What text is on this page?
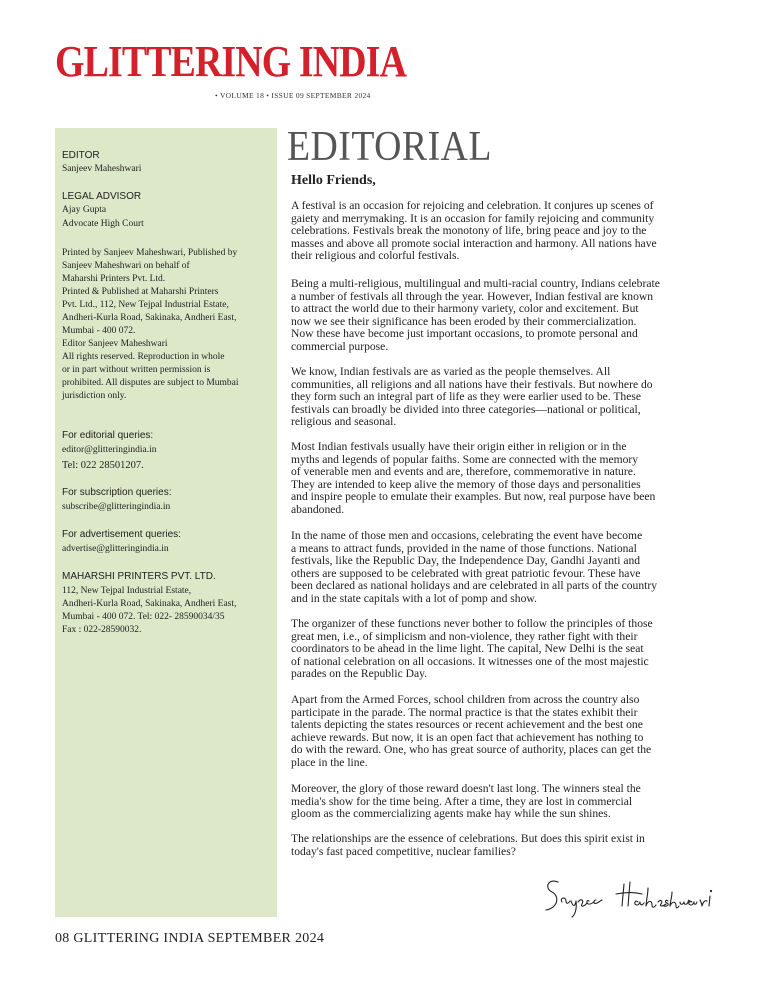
GLITTERING INDIA
• VOLUME 18 • ISSUE 09 SEPTEMBER 2024
EDITOR
Sanjeev Maheshwari
LEGAL ADVISOR
Ajay Gupta
Advocate High Court
Printed by Sanjeev Maheshwari, Published by
Sanjeev Maheshwari on behalf of
Maharshi Printers Pvt. Ltd.
Printed & Published at Maharshi Printers
Pvt. Ltd., 112, New Tejpal Industrial Estate,
Andheri-Kurla Road, Sakinaka, Andheri East,
Mumbai - 400 072.
Editor Sanjeev Maheshwari
All rights reserved. Reproduction in whole
or in part without written permission is
prohibited. All disputes are subject to Mumbai
jurisdiction only.
For editorial queries:
editor@glitteringindia.in
Tel: 022 28501207.
For subscription queries:
subscribe@glitteringindia.in
For advertisement queries:
advertise@glitteringindia.in
MAHARSHI PRINTERS PVT. LTD.
112, New Tejpal Industrial Estate,
Andheri-Kurla Road, Sakinaka, Andheri East,
Mumbai - 400 072. Tel: 022- 28590034/35
Fax : 022-28590032.
EDITORIAL
Hello Friends,
A festival is an occasion for rejoicing and celebration. It conjures up scenes of
gaiety and merrymaking. It is an occasion for family rejoicing and community
celebrations. Festivals break the monotony of life, bring peace and joy to the
masses and above all promote social interaction and harmony. All nations have
their religious and colorful festivals.
Being a multi-religious, multilingual and multi-racial country, Indians celebrate
a number of festivals all through the year. However, Indian festival are known
to attract the world due to their harmony variety, color and excitement. But
now we see their significance has been eroded by their commercialization.
Now these have become just important occasions, to promote personal and
commercial purpose.
We know, Indian festivals are as varied as the people themselves. All
communities, all religions and all nations have their festivals. But nowhere do
they form such an integral part of life as they were earlier used to be. These
festivals can broadly be divided into three categories—national or political,
religious and seasonal.
Most Indian festivals usually have their origin either in religion or in the
myths and legends of popular faiths. Some are connected with the memory
of venerable men and events and are, therefore, commemorative in nature.
They are intended to keep alive the memory of those days and personalities
and inspire people to emulate their examples. But now, real purpose have been
abandoned.
In the name of those men and occasions, celebrating the event have become
a means to attract funds, provided in the name of those functions. National
festivals, like the Republic Day, the Independence Day, Gandhi Jayanti and
others are supposed to be celebrated with great patriotic fevour. These have
been declared as national holidays and are celebrated in all parts of the country
and in the state capitals with a lot of pomp and show.
The organizer of these functions never bother to follow the principles of those
great men, i.e., of simplicism and non-violence, they rather fight with their
coordinators to be ahead in the lime light. The capital, New Delhi is the seat
of national celebration on all occasions. It witnesses one of the most majestic
parades on the Republic Day.
Apart from the Armed Forces, school children from across the country also
participate in the parade. The normal practice is that the states exhibit their
talents depicting the states resources or recent achievement and the best one
achieve rewards. But now, it is an open fact that achievement has nothing to
do with the reward. One, who has great source of authority, places can get the
place in the line.
Moreover, the glory of those reward doesn't last long. The winners steal the
media's show for the time being. After a time, they are lost in commercial
gloom as the commercializing agents make hay while the sun shines.
The relationships are the essence of celebrations. But does this spirit exist in
today's fast paced competitive, nuclear families?
08 GLITTERING INDIA SEPTEMBER 2024
